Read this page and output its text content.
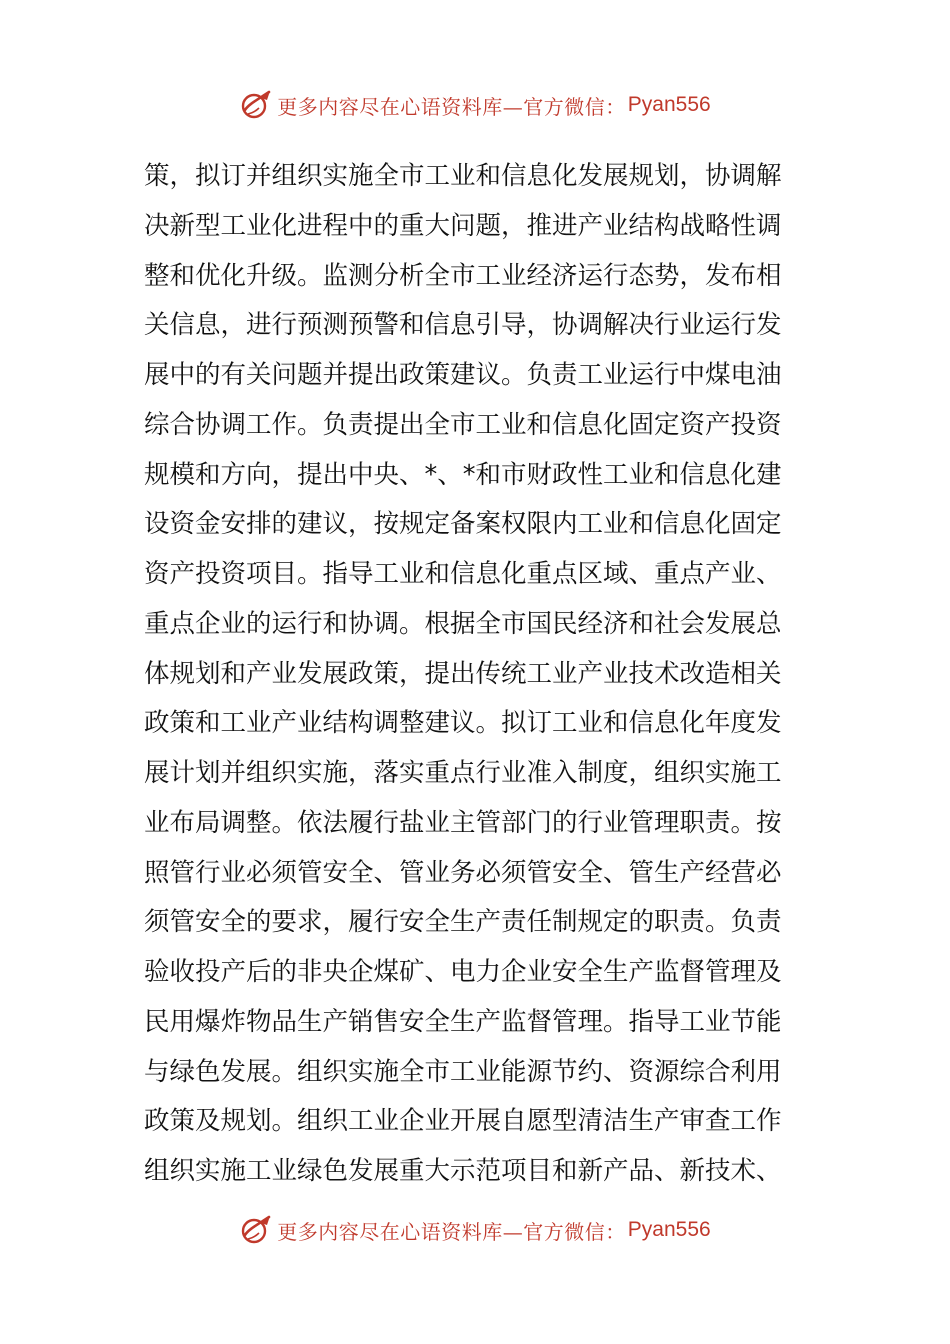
更多内容尽在心语资料库—官方微信： Pyan556
策，拟订并组织实施全市工业和信息化发展规划，协调解
决新型工业化进程中的重大问题，推进产业结构战略性调
整和优化升级。监测分析全市工业经济运行态势，发布相
关信息，进行预测预警和信息引导，协调解决行业运行发
展中的有关问题并提出政策建议。负责工业运行中煤电油
综合协调工作。负责提出全市工业和信息化固定资产投资
规模和方向，提出中央、*、*和市财政性工业和信息化建
设资金安排的建议，按规定备案权限内工业和信息化固定
资产投资项目。指导工业和信息化重点区域、重点产业、
重点企业的运行和协调。根据全市国民经济和社会发展总
体规划和产业发展政策，提出传统工业产业技术改造相关
政策和工业产业结构调整建议。拟订工业和信息化年度发
展计划并组织实施，落实重点行业准入制度，组织实施工
业布局调整。依法履行盐业主管部门的行业管理职责。按
照管行业必须管安全、管业务必须管安全、管生产经营必
须管安全的要求，履行安全生产责任制规定的职责。负责
验收投产后的非央企煤矿、电力企业安全生产监督管理及
民用爆炸物品生产销售安全生产监督管理。指导工业节能
与绿色发展。组织实施全市工业能源节约、资源综合利用
政策及规划。组织工业企业开展自愿型清洁生产审查工作
组织实施工业绿色发展重大示范项目和新产品、新技术、
更多内容尽在心语资料库—官方微信： Pyan556
